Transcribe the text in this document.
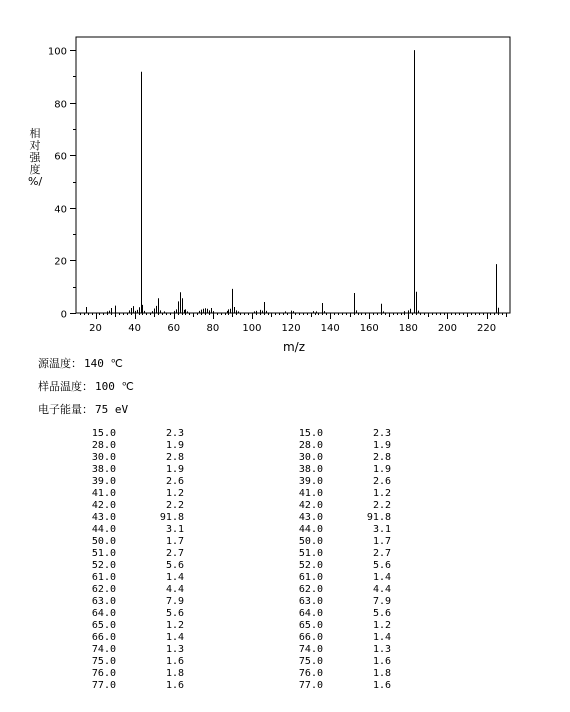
0
20
40
60
80
100
20	40	60	80 100 120 140 160 180 200 220
m/z
相对强度 %/
源温度： 140 ℃
样品温度： 100 ℃
电子能量： 75 eV
15.0	2.3
28.0	1.9
30.0	2.8
38.0	1.9
39.0	2.6
41.0	1.2
42.0	2.2
43.0	91.8
44.0	3.1
50.0	1.7
51.0	2.7
52.0	5.6
61.0	1.4
62.0	4.4
63.0	7.9
64.0	5.6
65.0	1.2
66.0	1.4
74.0	1.3
75.0	1.6
76.0	1.8
77.0	1.6
15.0	2.3
28.0	1.9
30.0	2.8
38.0	1.9
39.0	2.6
41.0	1.2
42.0	2.2
43.0	91.8
44.0	3.1
50.0	1.7
51.0	2.7
52.0	5.6
61.0	1.4
62.0	4.4
63.0	7.9
64.0	5.6
65.0	1.2
66.0	1.4
74.0	1.3
75.0	1.6
76.0	1.8
77.0	1.6
